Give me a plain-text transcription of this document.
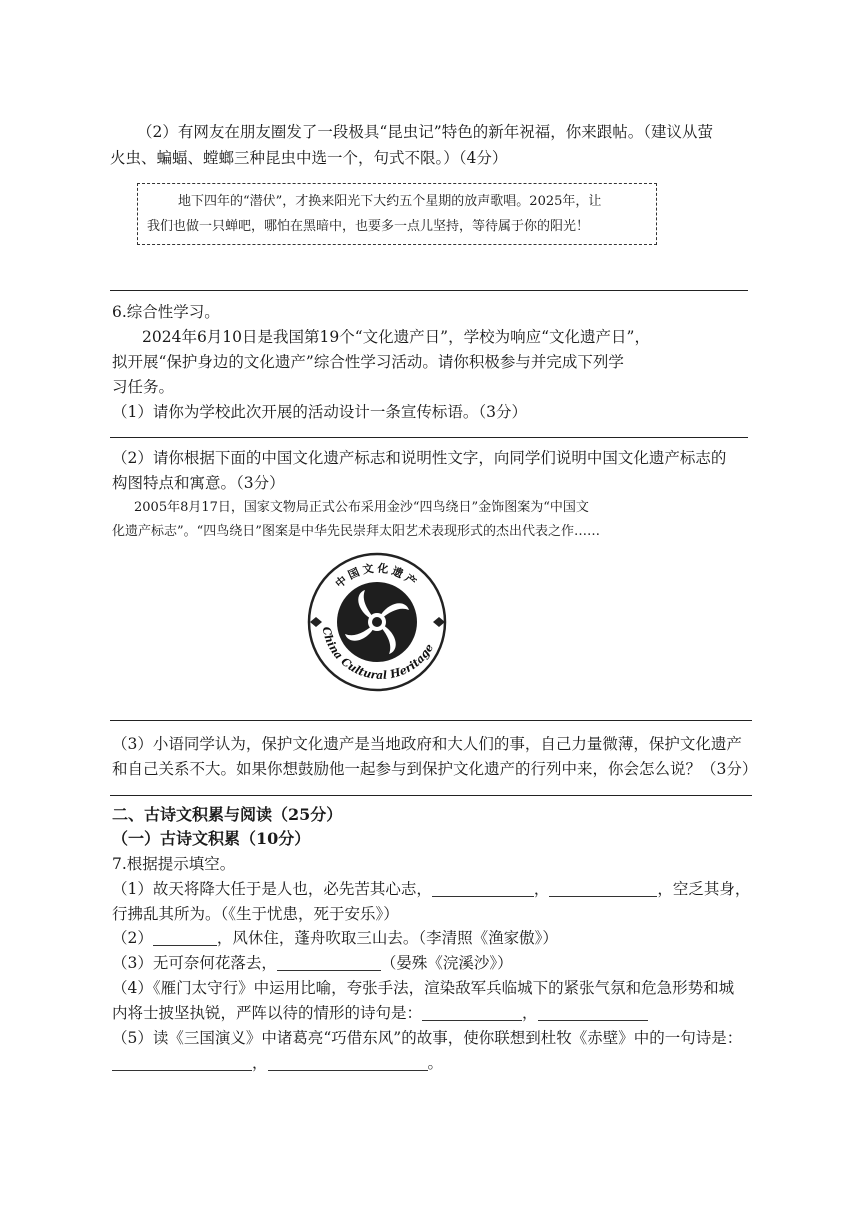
（2）有网友在朋友圈发了一段极具“昆虫记”特色的新年祝福，你来跟帖。（建议从萤
火虫、蝙蝠、螳螂三种昆虫中选一个，句式不限。）（4分）
地下四年的“潜伏”，才换来阳光下大约五个星期的放声歌唱。2025年，让
我们也做一只蝉吧，哪怕在黑暗中，也要多一点儿坚持，等待属于你的阳光！
6.综合性学习。
2024年6月10日是我国第19个“文化遗产日”，学校为响应“文化遗产日”，
拟开展“保护身边的文化遗产”综合性学习活动。请你积极参与并完成下列学
习任务。
（1）请你为学校此次开展的活动设计一条宣传标语。（3分）
（2）请你根据下面的中国文化遗产标志和说明性文字，向同学们说明中国文化遗产标志的
构图特点和寓意。（3分）
2005年8月17日，国家文物局正式公布采用金沙“四鸟绕日”金饰图案为“中国文
化遗产标志”。“四鸟绕日”图案是中华先民崇拜太阳艺术表现形式的杰出代表之作……
中国文化遗产
China Cultural Heritage
（3）小语同学认为，保护文化遗产是当地政府和大人们的事，自己力量微薄，保护文化遗产
和自己关系不大。如果你想鼓励他一起参与到保护文化遗产的行列中来，你会怎么说？（3分）
二、古诗文积累与阅读（25分）
（一）古诗文积累（10分）
7.根据提示填空。
（1）故天将降大任于是人也，必先苦其心志，	，	，空乏其身，
行拂乱其所为。（《生于忧患，死于安乐》）
（2）	，风休住，蓬舟吹取三山去。（李清照《渔家傲》）
（3）无可奈何花落去，	（晏殊《浣溪沙》）
（4）《雁门太守行》中运用比喻，夸张手法，渲染敌军兵临城下的紧张气氛和危急形势和城
内将士披坚执锐，严阵以待的情形的诗句是：	，
（5）读《三国演义》中诸葛亮“巧借东风”的故事，使你联想到杜牧《赤壁》中的一句诗是：
，	。
